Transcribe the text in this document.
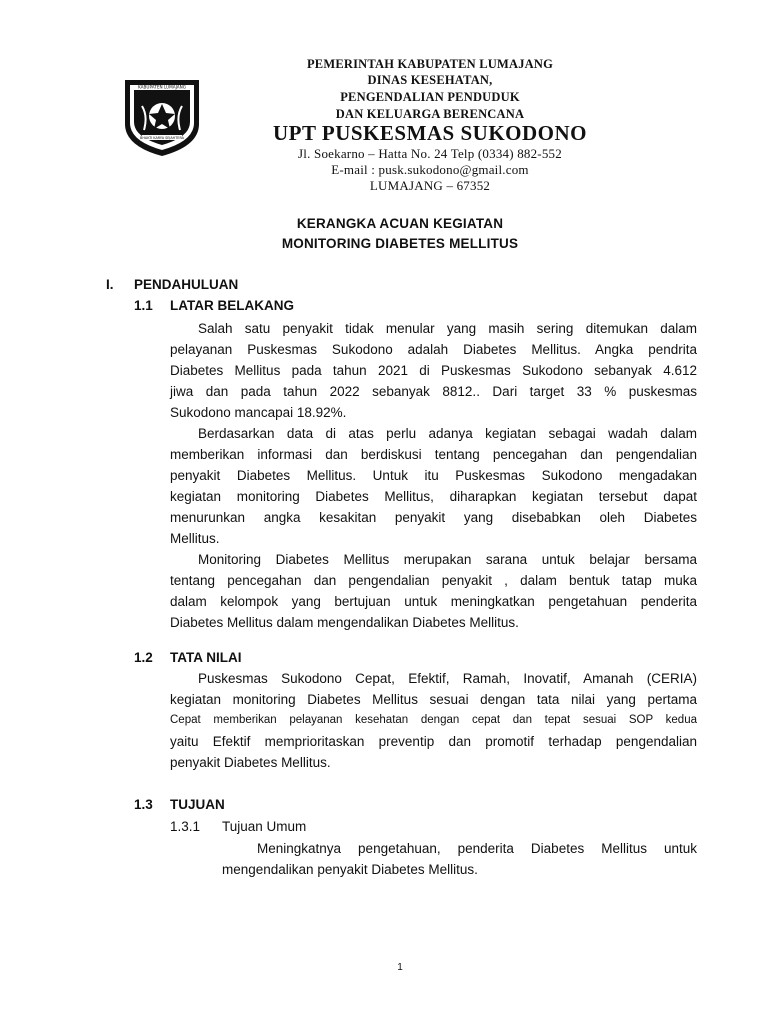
KABUPATEN LUMAJANG
BHAKTI KARYA SEJAHTERA
PEMERINTAH KABUPATEN LUMAJANG
DINAS KESEHATAN,
PENGENDALIAN PENDUDUK
DAN KELUARGA BERENCANA
UPT PUSKESMAS SUKODONO
Jl. Soekarno – Hatta No. 24 Telp (0334) 882-552
E-mail : pusk.sukodono@gmail.com
LUMAJANG – 67352
KERANGKA ACUAN KEGIATAN
MONITORING DIABETES MELLITUS
I. PENDAHULUAN
1.1 LATAR BELAKANG
Salah satu penyakit tidak menular yang masih sering ditemukan dalam
pelayanan Puskesmas Sukodono adalah Diabetes Mellitus. Angka pendrita
Diabetes Mellitus pada tahun 2021 di Puskesmas Sukodono sebanyak 4.612
jiwa dan pada tahun 2022 sebanyak 8812.. Dari target 33 % puskesmas
Sukodono mancapai 18.92%.
Berdasarkan data di atas perlu adanya kegiatan sebagai wadah dalam
memberikan informasi dan berdiskusi tentang pencegahan dan pengendalian
penyakit Diabetes Mellitus. Untuk itu Puskesmas Sukodono mengadakan
kegiatan monitoring Diabetes Mellitus, diharapkan kegiatan tersebut dapat
menurunkan angka kesakitan penyakit yang disebabkan oleh Diabetes
Mellitus.
Monitoring Diabetes Mellitus merupakan sarana untuk belajar bersama
tentang pencegahan dan pengendalian penyakit , dalam bentuk tatap muka
dalam kelompok yang bertujuan untuk meningkatkan pengetahuan penderita
Diabetes Mellitus dalam mengendalikan Diabetes Mellitus.
1.2 TATA NILAI
Puskesmas Sukodono Cepat, Efektif, Ramah, Inovatif, Amanah (CERIA)
kegiatan monitoring Diabetes Mellitus sesuai dengan tata nilai yang pertama
Cepat memberikan pelayanan kesehatan dengan cepat dan tepat sesuai SOP kedua
yaitu Efektif memprioritaskan preventip dan promotif terhadap pengendalian
penyakit Diabetes Mellitus.
1.3 TUJUAN
1.3.1 Tujuan Umum
Meningkatnya pengetahuan, penderita Diabetes Mellitus untuk
mengendalikan penyakit Diabetes Mellitus.
1
